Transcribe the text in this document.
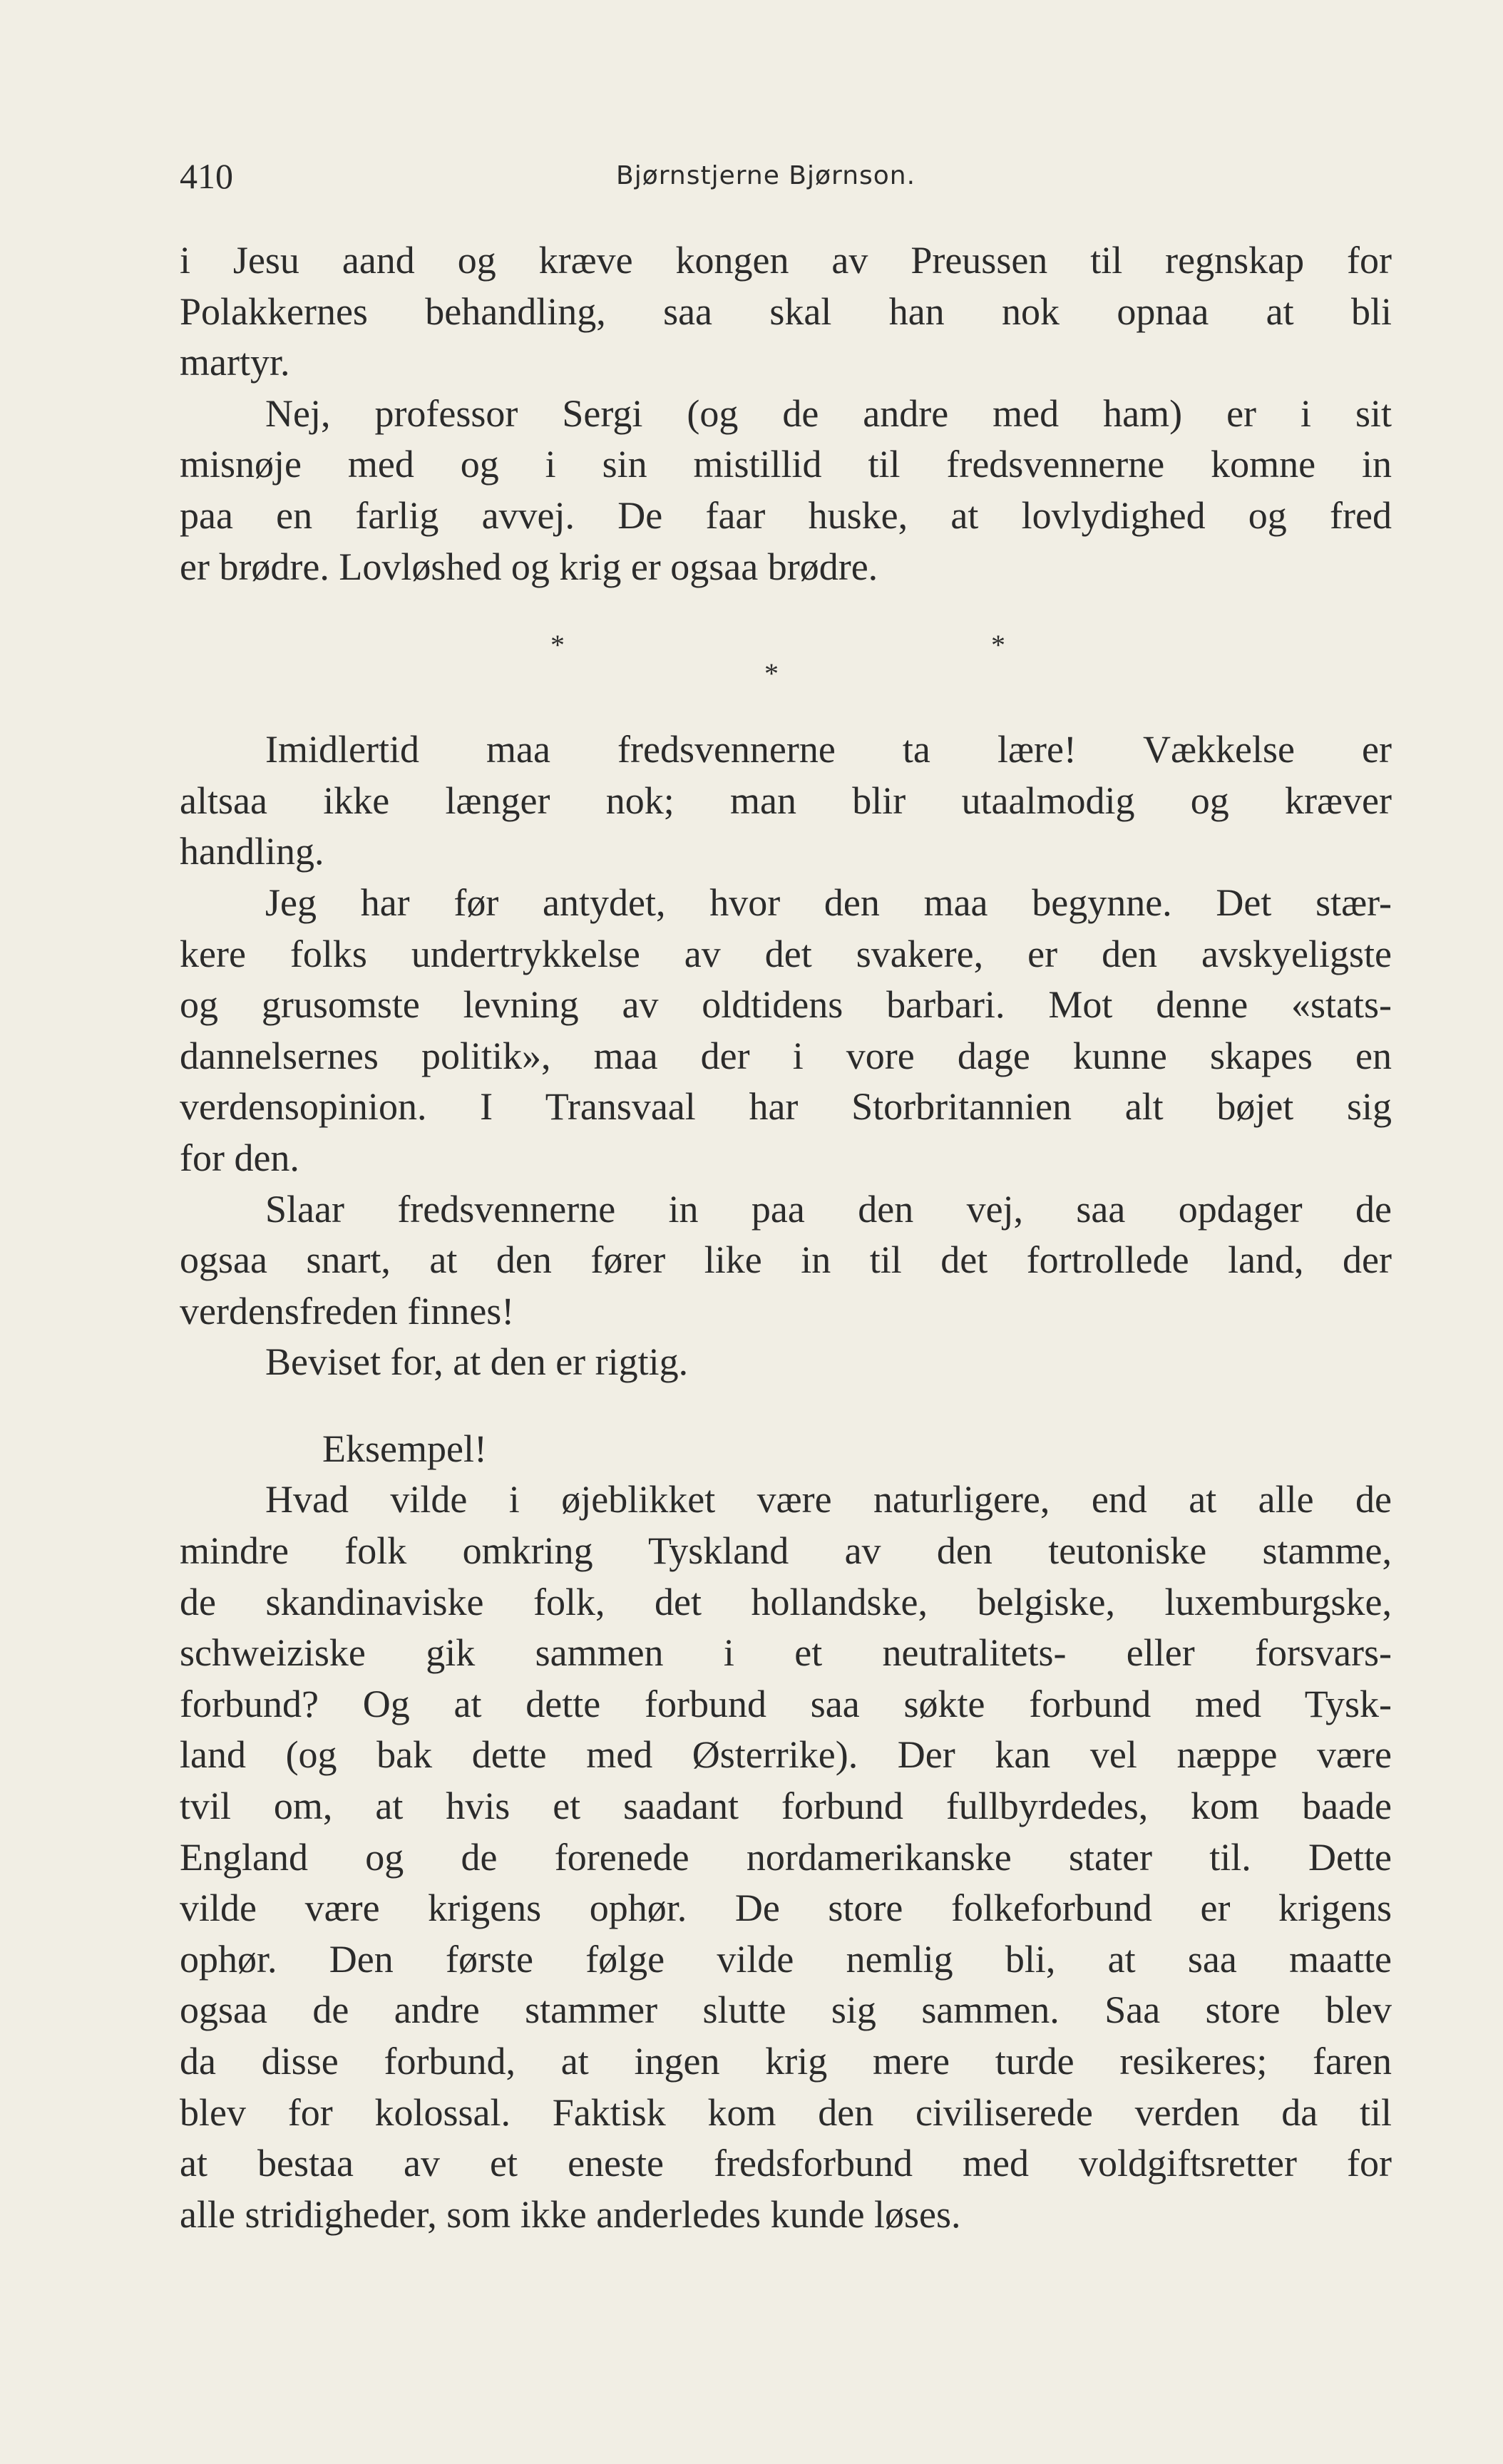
410	Bjørnstjerne Bjørnson.
i Jesu aand og kræve kongen av Preussen til regnskap for
Polakkernes behandling, saa skal han nok opnaa at bli
martyr.
Nej, professor Sergi (og de andre med ham) er i sit
misnøje med og i sin mistillid til fredsvennerne komne in
paa en farlig avvej. De faar huske, at lovlydighed og fred
er brødre. Lovløshed og krig er ogsaa brødre.
*
*
*
Imidlertid maa fredsvennerne ta lære! Vækkelse er
altsaa ikke længer nok; man blir utaalmodig og kræver
handling.
Jeg har før antydet, hvor den maa begynne. Det stær-
kere folks undertrykkelse av det svakere, er den avskyeligste
og grusomste levning av oldtidens barbari. Mot denne «stats-
dannelsernes politik», maa der i vore dage kunne skapes en
verdensopinion. I Transvaal har Storbritannien alt bøjet sig
for den.
Slaar fredsvennerne in paa den vej, saa opdager de
ogsaa snart, at den fører like in til det fortrollede land, der
verdensfreden finnes!
Beviset for, at den er rigtig.
Eksempel!
Hvad vilde i øjeblikket være naturligere, end at alle de
mindre folk omkring Tyskland av den teutoniske stamme,
de skandinaviske folk, det hollandske, belgiske, luxemburgske,
schweiziske gik sammen i et neutralitets- eller forsvars-
forbund? Og at dette forbund saa søkte forbund med Tysk-
land (og bak dette med Østerrike). Der kan vel næppe være
tvil om, at hvis et saadant forbund fullbyrdedes, kom baade
England og de forenede nordamerikanske stater til. Dette
vilde være krigens ophør. De store folkeforbund er krigens
ophør. Den første følge vilde nemlig bli, at saa maatte
ogsaa de andre stammer slutte sig sammen. Saa store blev
da disse forbund, at ingen krig mere turde resikeres; faren
blev for kolossal. Faktisk kom den civiliserede verden da til
at bestaa av et eneste fredsforbund med voldgiftsretter for
alle stridigheder, som ikke anderledes kunde løses.
